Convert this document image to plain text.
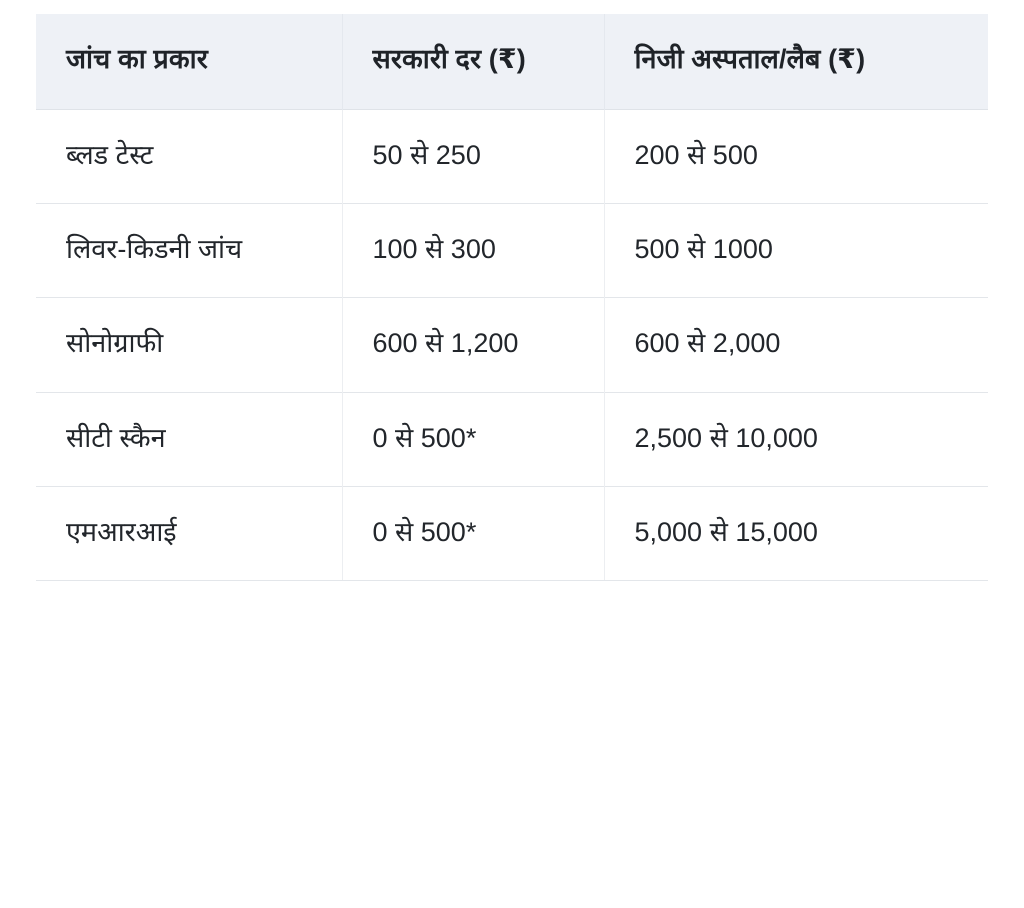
जांच का प्रकार	सरकारी दर (₹)	निजी अस्पताल/लैब (₹)
ब्लड टेस्ट	50 से 250	200 से 500
लिवर-किडनी जांच	100 से 300	500 से 1000
सोनोग्राफी	600 से 1,200	600 से 2,000
सीटी स्कैन	0 से 500*	2,500 से 10,000
एमआरआई	0 से 500*	5,000 से 15,000
